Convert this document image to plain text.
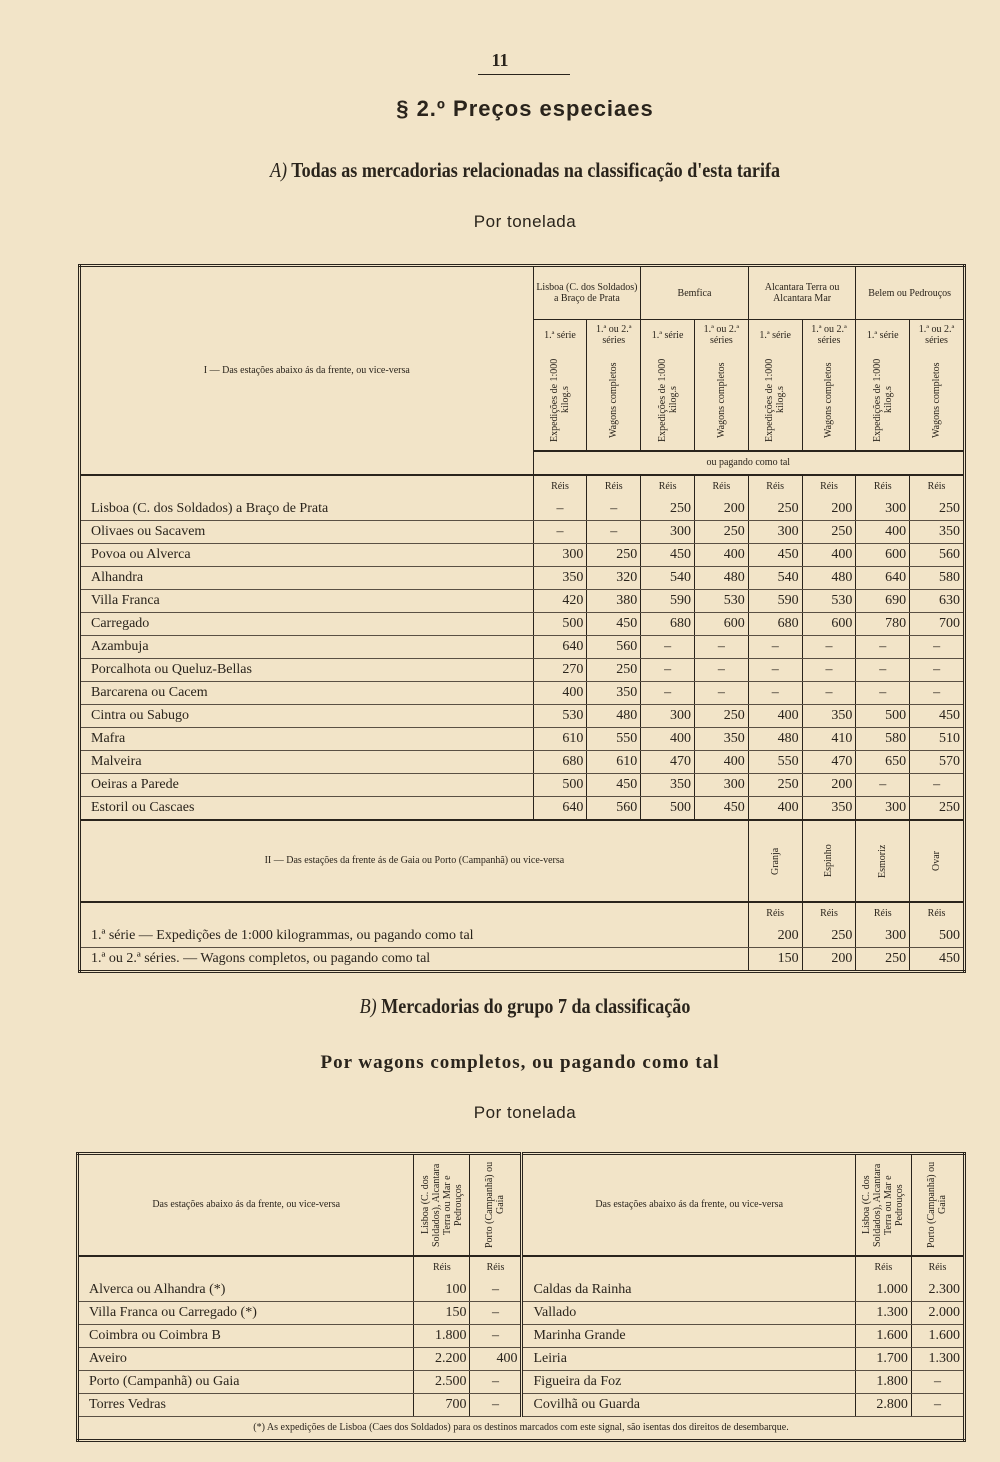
11
§ 2.º Preços especiaes
A) Todas as mercadorias relacionadas na classificação d'esta tarifa
Por tonelada
I — Das estações abaixo ás da frente, ou vice-versa	Lisboa (C. dos Soldados) a Braço de Prata		Bemfica		Alcantara Terra ou Alcantara Mar		Belem ou Pedrouços	
	1.ª série	1.ª ou 2.ª séries	1.ª série	1.ª ou 2.ª séries	1.ª série	1.ª ou 2.ª séries	1.ª série	1.ª ou 2.ª séries

	Expedições de 1:000 kilog.s	Wagons completos	Expedições de 1:000 kilog.s	Wagons completos	Expedições de 1:000 kilog.s	Wagons completos	Expedições de 1:000 kilog.s	Wagons completos

	ou pagando como tal							
	Réis	Réis	Réis	Réis	Réis	Réis	Réis	Réis
Lisboa (C. dos Soldados) a Braço de Prata	–	–	250	200	250	200	300	250
Olivaes ou Sacavem	–	–	300	250	300	250	400	350
Povoa ou Alverca	300	250	450	400	450	400	600	560
Alhandra	350	320	540	480	540	480	640	580
Villa Franca	420	380	590	530	590	530	690	630
Carregado	500	450	680	600	680	600	780	700
Azambuja	640	560	–	–	–	–	–	–
Porcalhota ou Queluz-Bellas	270	250	–	–	–	–	–	–
Barcarena ou Cacem	400	350	–	–	–	–	–	–
Cintra ou Sabugo	530	480	300	250	400	350	500	450
Mafra	610	550	400	350	480	410	580	510
Malveira	680	610	470	400	550	470	650	570
Oeiras a Parede	500	450	350	300	250	200	–	–
Estoril ou Cascaes	640	560	500	450	400	350	300	250
II — Das estações da frente ás de Gaia ou Porto (Campanhã) ou vice-versa					Granja	Espinho	Esmoriz	Ovar

					Réis	Réis	Réis	Réis
1.ª série — Expedições de 1:000 kilogrammas, ou pagando como tal					200	250	300	500
1.ª ou 2.ª séries. — Wagons completos, ou pagando como tal					150	200	250	450
B) Mercadorias do grupo 7 da classificação
Por wagons completos, ou pagando como tal
Por tonelada
Das estações abaixo ás da frente, ou vice-versa	Lisboa (C. dos Soldados), Alcantara Terra ou Mar e Pedrouços	Porto (Campanhã) ou Gaia	Das estações abaixo ás da frente, ou vice-versa	Lisboa (C. dos Soldados), Alcantara Terra ou Mar e Pedrouços	Porto (Campanhã) ou Gaia

	Réis	Réis		Réis	Réis
Alverca ou Alhandra (*)	100	–	Caldas da Rainha	1.000	2.300
Villa Franca ou Carregado (*)	150	–	Vallado	1.300	2.000
Coimbra ou Coimbra B	1.800	–	Marinha Grande	1.600	1.600
Aveiro	2.200	400	Leiria	1.700	1.300
Porto (Campanhã) ou Gaia	2.500	–	Figueira da Foz	1.800	–
Torres Vedras	700	–	Covilhã ou Guarda	2.800	–
(*) As expedições de Lisboa (Caes dos Soldados) para os destinos marcados com este signal, são isentas dos direitos de desembarque.					
